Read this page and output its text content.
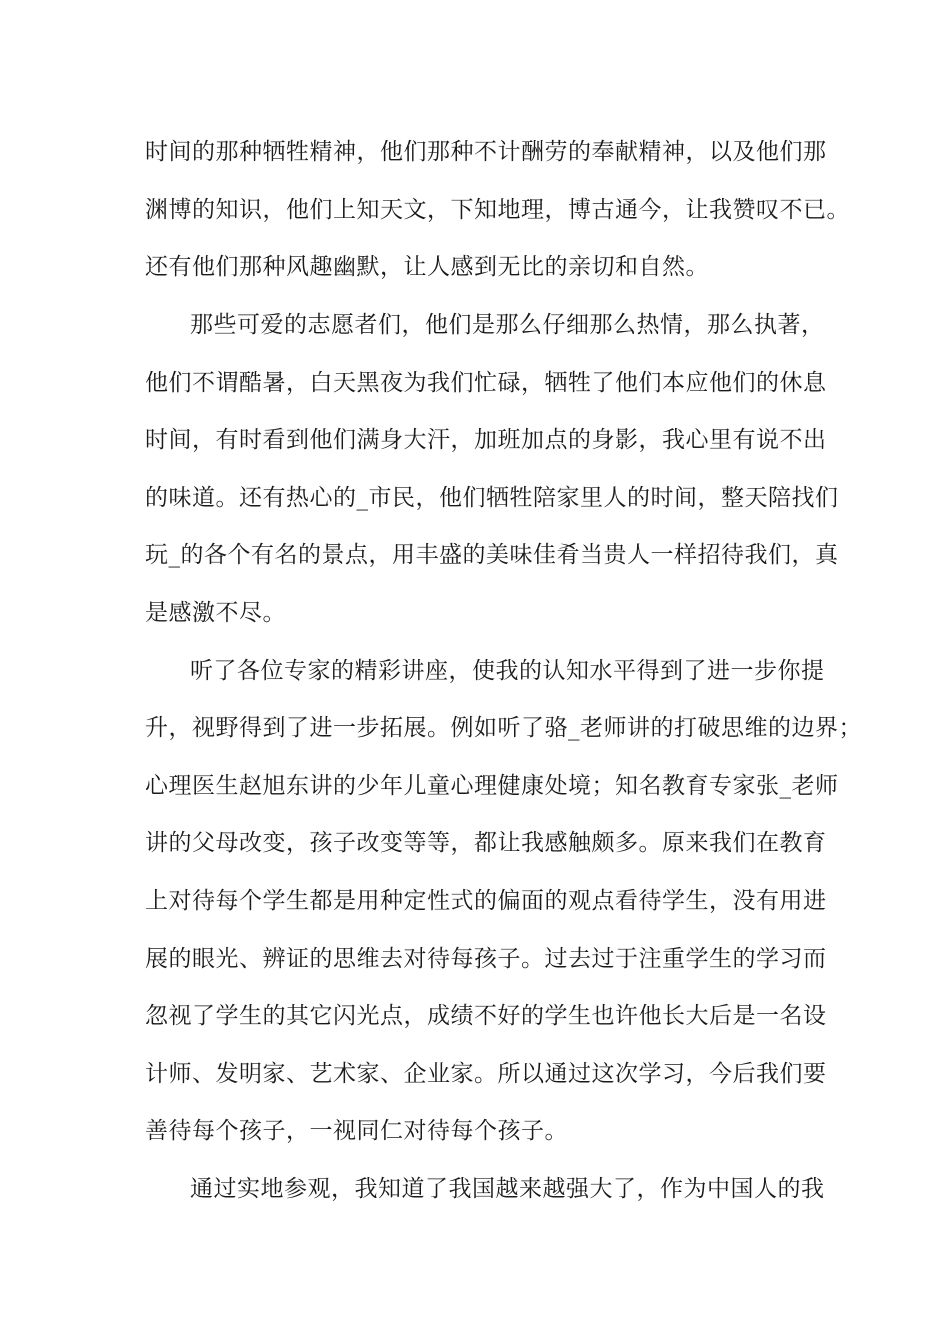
时间的那种牺牲精神，他们那种不计酬劳的奉献精神，以及他们那
渊博的知识，他们上知天文，下知地理，博古通今，让我赞叹不已。
还有他们那种风趣幽默，让人感到无比的亲切和自然。
那些可爱的志愿者们，他们是那么仔细那么热情，那么执著，
他们不谓酷暑，白天黑夜为我们忙碌，牺牲了他们本应他们的休息
时间，有时看到他们满身大汗，加班加点的身影，我心里有说不出
的味道。还有热心的_市民，他们牺牲陪家里人的时间，整天陪找们
玩_的各个有名的景点，用丰盛的美味佳肴当贵人一样招待我们，真
是感激不尽。
听了各位专家的精彩讲座，使我的认知水平得到了进一步你提
升，视野得到了进一步拓展。例如听了骆_老师讲的打破思维的边界；
心理医生赵旭东讲的少年儿童心理健康处境；知名教育专家张_老师
讲的父母改变，孩子改变等等，都让我感触颇多。原来我们在教育
上对待每个学生都是用种定性式的偏面的观点看待学生，没有用进
展的眼光、辨证的思维去对待每孩子。过去过于注重学生的学习而
忽视了学生的其它闪光点，成绩不好的学生也许他长大后是一名设
计师、发明家、艺术家、企业家。所以通过这次学习，今后我们要
善待每个孩子，一视同仁对待每个孩子。
通过实地参观，我知道了我国越来越强大了，作为中国人的我
